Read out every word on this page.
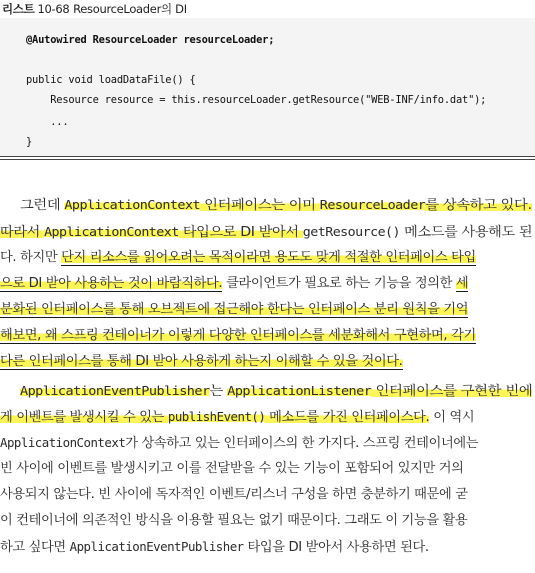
리스트 10-68 ResourceLoader의 DI
@Autowired ResourceLoader resourceLoader;
public void loadDataFile() {
Resource resource = this.resourceLoader.getResource("WEB-INF/info.dat");
...
}
그런데 ApplicationContext 인터페이스는 이미 ResourceLoader를 상속하고 있다.
따라서 ApplicationContext 타입으로 DI 받아서 getResource() 메소드를 사용해도 된
다. 하지만 단지 리소스를 읽어오려는 목적이라면 용도도 맞게 적절한 인터페이스 타입
으로 DI 받아 사용하는 것이 바람직하다. 클라이언트가 필요로 하는 기능을 정의한 세
분화된 인터페이스를 통해 오브젝트에 접근해야 한다는 인터페이스 분리 원칙을 기억
해보면, 왜 스프링 컨테이너가 이렇게 다양한 인터페이스를 세분화해서 구현하며, 각기
다른 인터페이스를 통해 DI 받아 사용하게 하는지 이해할 수 있을 것이다.
ApplicationEventPublisher는 ApplicationListener 인터페이스를 구현한 빈에
게 이벤트를 발생시킬 수 있는 publishEvent() 메소드를 가진 인터페이스다. 이 역시
ApplicationContext가 상속하고 있는 인터페이스의 한 가지다. 스프링 컨테이너에는
빈 사이에 이벤트를 발생시키고 이를 전달받을 수 있는 기능이 포함되어 있지만 거의
사용되지 않는다. 빈 사이에 독자적인 이벤트/리스너 구성을 하면 충분하기 때문에 굳
이 컨테이너에 의존적인 방식을 이용할 필요는 없기 때문이다. 그래도 이 기능을 활용
하고 싶다면 ApplicationEventPublisher 타입을 DI 받아서 사용하면 된다.
